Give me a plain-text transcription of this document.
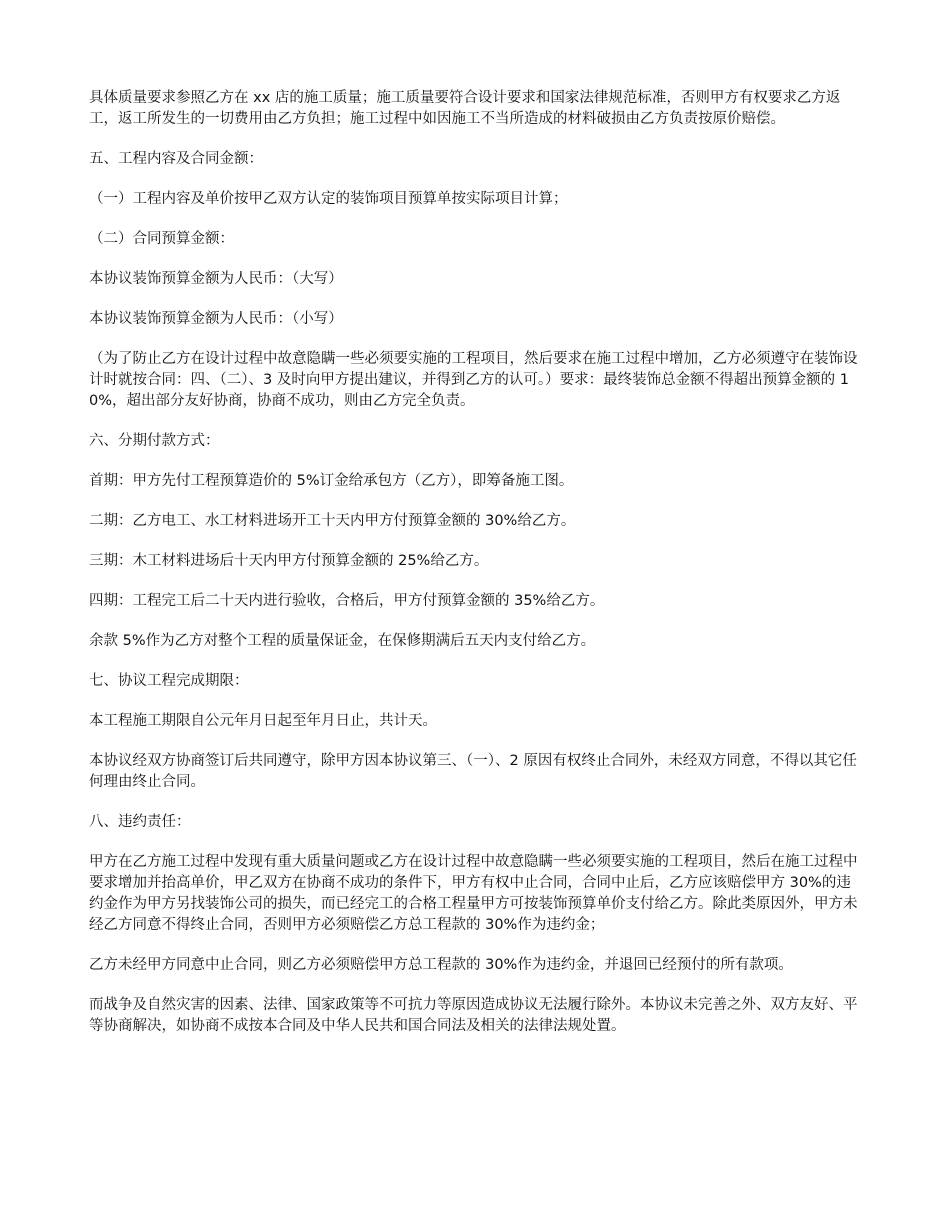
具体质量要求参照乙方在 xx 店的施工质量；施工质量要符合设计要求和国家法律规范标准，否则甲方有权要求乙方返工，返工所发生的一切费用由乙方负担；施工过程中如因施工不当所造成的材料破损由乙方负责按原价赔偿。

五、工程内容及合同金额：

（一）工程内容及单价按甲乙双方认定的装饰项目预算单按实际项目计算；

（二）合同预算金额：

本协议装饰预算金额为人民币：（大写）

本协议装饰预算金额为人民币：（小写）

（为了防止乙方在设计过程中故意隐瞒一些必须要实施的工程项目，然后要求在施工过程中增加，乙方必须遵守在装饰设计时就按合同：四、（二）、3 及时向甲方提出建议，并得到乙方的认可。）要求：最终装饰总金额不得超出预算金额的 10%，超出部分友好协商，协商不成功，则由乙方完全负责。

六、分期付款方式：

首期：甲方先付工程预算造价的 5%订金给承包方（乙方），即筹备施工图。

二期：乙方电工、水工材料进场开工十天内甲方付预算金额的 30%给乙方。

三期：木工材料进场后十天内甲方付预算金额的 25%给乙方。

四期：工程完工后二十天内进行验收，合格后，甲方付预算金额的 35%给乙方。

余款 5%作为乙方对整个工程的质量保证金，在保修期满后五天内支付给乙方。

七、协议工程完成期限：

本工程施工期限自公元年月日起至年月日止，共计天。

本协议经双方协商签订后共同遵守，除甲方因本协议第三、（一）、2 原因有权终止合同外，未经双方同意，不得以其它任何理由终止合同。

八、违约责任：

甲方在乙方施工过程中发现有重大质量问题或乙方在设计过程中故意隐瞒一些必须要实施的工程项目，然后在施工过程中要求增加并抬高单价，甲乙双方在协商不成功的条件下，甲方有权中止合同，合同中止后，乙方应该赔偿甲方 30%的违约金作为甲方另找装饰公司的损失，而已经完工的合格工程量甲方可按装饰预算单价支付给乙方。除此类原因外，甲方未经乙方同意不得终止合同，否则甲方必须赔偿乙方总工程款的 30%作为违约金；

乙方未经甲方同意中止合同，则乙方必须赔偿甲方总工程款的 30%作为违约金，并退回已经预付的所有款项。

而战争及自然灾害的因素、法律、国家政策等不可抗力等原因造成协议无法履行除外。本协议未完善之外、双方友好、平等协商解决，如协商不成按本合同及中华人民共和国合同法及相关的法律法规处置。
